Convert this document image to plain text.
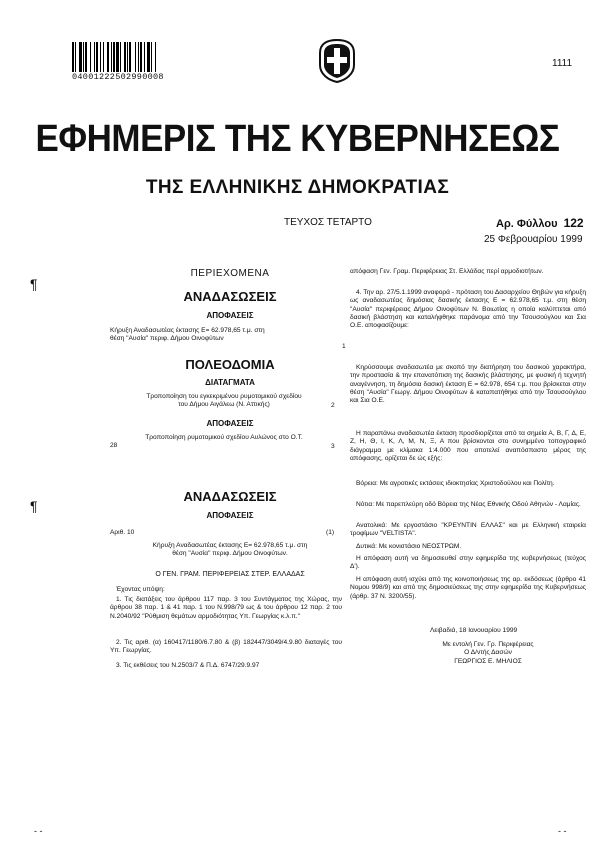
04001222502990008
1111
ΕΦΗΜΕΡΙΣ ΤΗΣ ΚΥΒΕΡΝΗΣΕΩΣ
ΤΗΣ ΕΛΛΗΝΙΚΗΣ ΔΗΜΟΚΡΑΤΙΑΣ
ΤΕΥΧΟΣ ΤΕΤΑΡΤΟ	Αρ. Φύλλου 122
25 Φεβρουαρίου 1999
¶
¶
ΠΕΡΙΕΧΟΜΕΝΑ
ΑΝΑΔΑΣΩΣΕΙΣ
ΑΠΟΦΑΣΕΙΣ
Κήρυξη Αναδασωτέας έκτασης Ε= 62.978,65 τ.μ. στη
θέση "Αυσία" περιφ. Δήμου Οινοφύτων
1
ΠΟΛΕΟΔΟΜΙΑ
ΔΙΑΤΑΓΜΑΤΑ
Τροποποίηση του εγκεκριμένου ρυμοτομικού σχεδίου
του Δήμου Αιγάλεω (Ν. Αττικής)	2
ΑΠΟΦΑΣΕΙΣ
Τροποποίηση ρυμοτομικού σχεδίου Αυλώνος στο Ο.Τ.
28	3
ΑΝΑΔΑΣΩΣΕΙΣ
ΑΠΟΦΑΣΕΙΣ
Αριθ. 10	(1)
Κήρυξη Αναδασωτέας έκτασης Ε= 62.978,65 τ.μ. στη
θέση "Αυσία" περιφ. Δήμου Οινοφύτων.
Ο ΓΕΝ. ΓΡΑΜ. ΠΕΡΙΦΕΡΕΙΑΣ ΣΤΕΡ. ΕΛΛΑΔΑΣ
Έχοντας υπόψη:
1. Τις διατάξεις του άρθρου 117 παρ. 3 του Συντάγματος της Χώρας, την άρθρου 38 παρ. 1 & 41 παρ. 1 του Ν.998/79 ως & του άρθρου 12 παρ. 2 του Ν.2040/92 "Ρύθμιση θεμάτων αρμοδιότητας Υπ. Γεωργίας κ.λ.π."
2. Τις αριθ. (α) 160417/1180/6.7.80 & (β) 182447/3049/4.9.80 διαταγές του Υπ. Γεωργίας.
3. Τις εκθέσεις του Ν.2503/7 & Π.Δ. 6747/29.9.97
απόφαση Γεν. Γραμ. Περιφέρειας Στ. Ελλάδας περί αρμοδιοτήτων.
4. Την αρ. 27/5.1.1999 αναφορά - πρόταση του Δασαρχείου Θηβών για κήρυξη ως αναδασωτέας δημόσιας δασικής έκτασης Ε = 62.978,65 τ.μ. στη θέση "Αυσία" περιφέρειας Δήμου Οινοφύτων Ν. Βοιωτίας η οποία καλύπτεται από δασική βλάστηση και καταλήφθηκε παράνομα από την Τσουσούγλου και Σια Ο.Ε. αποφασίζουμε:
Κηρύσσουμε αναδασωτέα με σκοπό την διατήρηση του δασικού χαρακτήρα, την προστασία & την επανατόπιση της δασικής βλάστησης, με φυσική ή τεχνητή αναγέννηση, τη δημόσια δασική έκταση Ε = 62.978, 654 τ.μ. που βρίσκεται στην θέση "Αυσία" Γεωργ. Δήμου Οινοφύτων & καταπατήθηκε από την Τσουσούγλου και Σια Ο.Ε.
Η παραπάνω αναδασωτέα έκταση προσδιορίζεται από τα σημεία Α, Β, Γ, Δ, Ε, Ζ, Η, Θ, Ι, Κ, Λ, Μ, Ν, Ξ, Α που βρίσκονται στο συνημμένο τοπογραφικό διάγραμμα με κλίμακα 1:4.000 που αποτελεί αναπόσπαστο μέρος της απόφασης, ορίζεται δε ώς εξής:
Βόρεια: Με αγροτικές εκτάσεις ιδιοκτησίας Χριστοδούλου και Πολίτη.
Νότια: Με παρεπλεύρη οδό Βόρεια της Νέας Εθνικής Οδού Αθηνών - Λαμίας.
Ανατολικά: Με εργοστάσιο "ΚΡΕΥΝΤΙΝ ΕΛΛΑΣ" και με Ελληνική εταιρεία τροφίμων "VELTISTA".
Δυτικά: Με κονιστάσιο ΝΕΟΣΤΡΩΜ.
Η απόφαση αυτή να δημοσιευθεί στην εφημερίδα της κυβερνήσεως (τεύχος Δ').
Η απόφαση αυτή ισχύει από της κοινοποιήσεως της αρ. εκδόσεως (άρθρο 41 Νομου 998/9) και από της δημοσιεύσεως της στην εφημερίδα της Κυβερνήσεως (άρθρ. 37 Ν. 3200/55).
Λειβαδιά, 18 Ιανουαρίου 1999
Με εντολή Γεν. Γρ. Περιφέρειας
Ο Δ/ντής Δασών
ΓΕΩΡΓΙΟΣ Ε. ΜΗΛΙΟΣ
- -	- -
